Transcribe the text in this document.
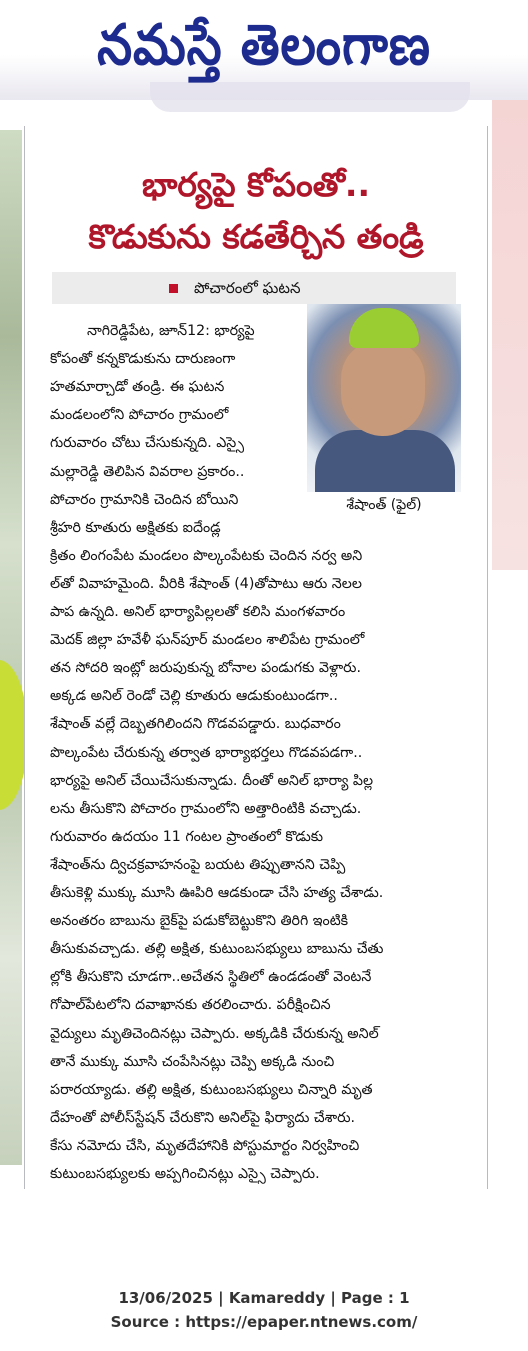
నమస్తే తెలంగాణ
భార్యపై కోపంతో..
కొడుకును కడతేర్చిన తండ్రి
పోచారంలో ఘటన
శేషాంత్ (ఫైల్)
నాగిరెడ్డిపేట, జూన్12: భార్యపై
కోపంతో కన్నకొడుకును దారుణంగా
హతమార్చాడో తండ్రి. ఈ ఘటన
మండలంలోని పోచారం గ్రామంలో
గురువారం చోటు చేసుకున్నది. ఎస్సై
మల్లారెడ్డి తెలిపిన వివరాల ప్రకారం..
పోచారం గ్రామానికి చెందిన బోయిని
శ్రీహరి కూతురు అక్షితకు ఐదేండ్ల
క్రితం లింగంపేట మండలం పొల్కంపేటకు చెందిన నర్వ అని
ల్‌తో వివాహమైంది. వీరికి శేషాంత్ (4)తోపాటు ఆరు నెలల
పాప ఉన్నది. అనిల్ భార్యాపిల్లలతో కలిసి మంగళవారం
మెదక్ జిల్లా హవేళీ ఘన్‌పూర్ మండలం శాలిపేట గ్రామంలో
తన సోదరి ఇంట్లో జరుపుకున్న బోనాల పండుగకు వెళ్లారు.
అక్కడ అనిల్ రెండో చెల్లి కూతురు ఆడుకుంటుండగా..
శేషాంత్ వల్లే దెబ్బతగిలిందని గొడవపడ్డారు. బుధవారం
పొల్కంపేట చేరుకున్న తర్వాత భార్యాభర్తలు గొడవపడగా..
భార్యపై అనిల్ చేయిచేసుకున్నాడు. దీంతో అనిల్ భార్యా పిల్ల
లను తీసుకొని పోచారం గ్రామంలోని అత్తారింటికి వచ్చాడు.
గురువారం ఉదయం 11 గంటల ప్రాంతంలో కొడుకు
శేషాంత్‌ను ద్విచక్రవాహనంపై బయట తిప్పుతానని చెప్పి
తీసుకెళ్లి ముక్కు మూసి ఊపిరి ఆడకుండా చేసి హత్య చేశాడు.
అనంతరం బాబును బైక్‌పై పడుకోబెట్టుకొని తిరిగి ఇంటికి
తీసుకువచ్చాడు. తల్లి అక్షిత, కుటుంబసభ్యులు బాబును చేతు
ల్లోకి తీసుకొని చూడగా..అచేతన స్థితిలో ఉండడంతో వెంటనే
గోపాల్‌పేటలోని దవాఖానకు తరలించారు. పరీక్షించిన
వైద్యులు మృతిచెందినట్లు చెప్పారు. అక్కడికి చేరుకున్న అనిల్
తానే ముక్కు మూసి చంపేసినట్లు చెప్పి అక్కడి నుంచి
పరారయ్యాడు. తల్లి అక్షిత, కుటుంబసభ్యులు చిన్నారి మృత
దేహంతో పోలీస్‌స్టేషన్ చేరుకొని అనిల్‌పై ఫిర్యాదు చేశారు.
కేసు నమోదు చేసి, మృతదేహానికి పోస్టుమార్టం నిర్వహించి
కుటుంబసభ్యులకు అప్పగించినట్లు ఎస్సై చెప్పారు.
13/06/2025 | Kamareddy | Page : 1
Source : https://epaper.ntnews.com/
